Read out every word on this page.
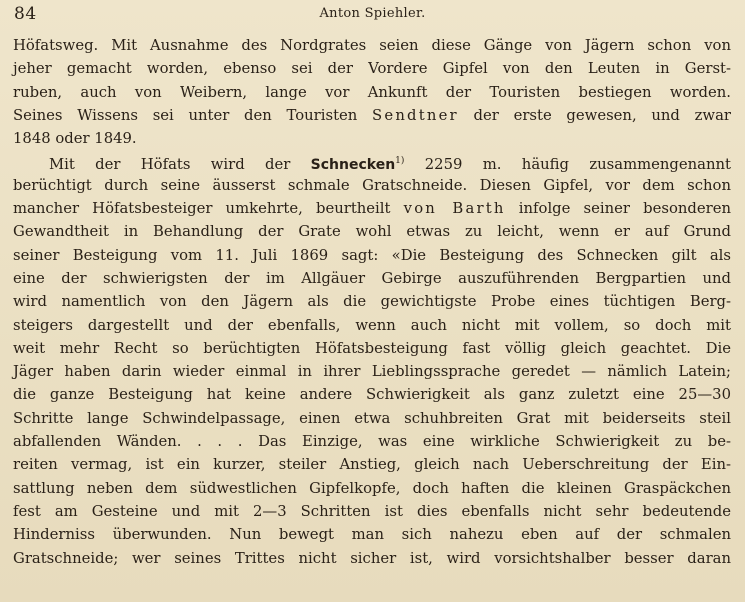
84	Anton Spiehler.
Höfatsweg. Mit Ausnahme des Nordgrates seien diese Gänge von Jägern schon von
jeher gemacht worden, ebenso sei der Vordere Gipfel von den Leuten in Gerst-
ruben, auch von Weibern, lange vor Ankunft der Touristen bestiegen worden.
Seines Wissens sei unter den Touristen Sendtner der erste gewesen, und zwar
1848 oder 1849.
Mit der Höfats wird der Schnecken$^{1)}$ 2259 m. häufig zusammengenannt
berüchtigt durch seine äusserst schmale Gratschneide. Diesen Gipfel, vor dem schon
mancher Höfatsbesteiger umkehrte, beurtheilt von Barth infolge seiner besonderen
Gewandtheit in Behandlung der Grate wohl etwas zu leicht, wenn er auf Grund
seiner Besteigung vom 11. Juli 1869 sagt: «Die Besteigung des Schnecken gilt als
eine der schwierigsten der im Allgäuer Gebirge auszuführenden Bergpartien und
wird namentlich von den Jägern als die gewichtigste Probe eines tüchtigen Berg-
steigers dargestellt und der ebenfalls, wenn auch nicht mit vollem, so doch mit
weit mehr Recht so berüchtigten Höfatsbesteigung fast völlig gleich geachtet. Die
Jäger haben darin wieder einmal in ihrer Lieblingssprache geredet — nämlich Latein;
die ganze Besteigung hat keine andere Schwierigkeit als ganz zuletzt eine 25—30
Schritte lange Schwindelpassage, einen etwa schuhbreiten Grat mit beiderseits steil
abfallenden Wänden. . . . Das Einzige, was eine wirkliche Schwierigkeit zu be-
reiten vermag, ist ein kurzer, steiler Anstieg, gleich nach Ueberschreitung der Ein-
sattlung neben dem südwestlichen Gipfelkopfe, doch haften die kleinen Graspäckchen
fest am Gesteine und mit 2—3 Schritten ist dies ebenfalls nicht sehr bedeutende
Hinderniss überwunden. Nun bewegt man sich nahezu eben auf der schmalen
Gratschneide; wer seines Trittes nicht sicher ist, wird vorsichtshalber besser daran
